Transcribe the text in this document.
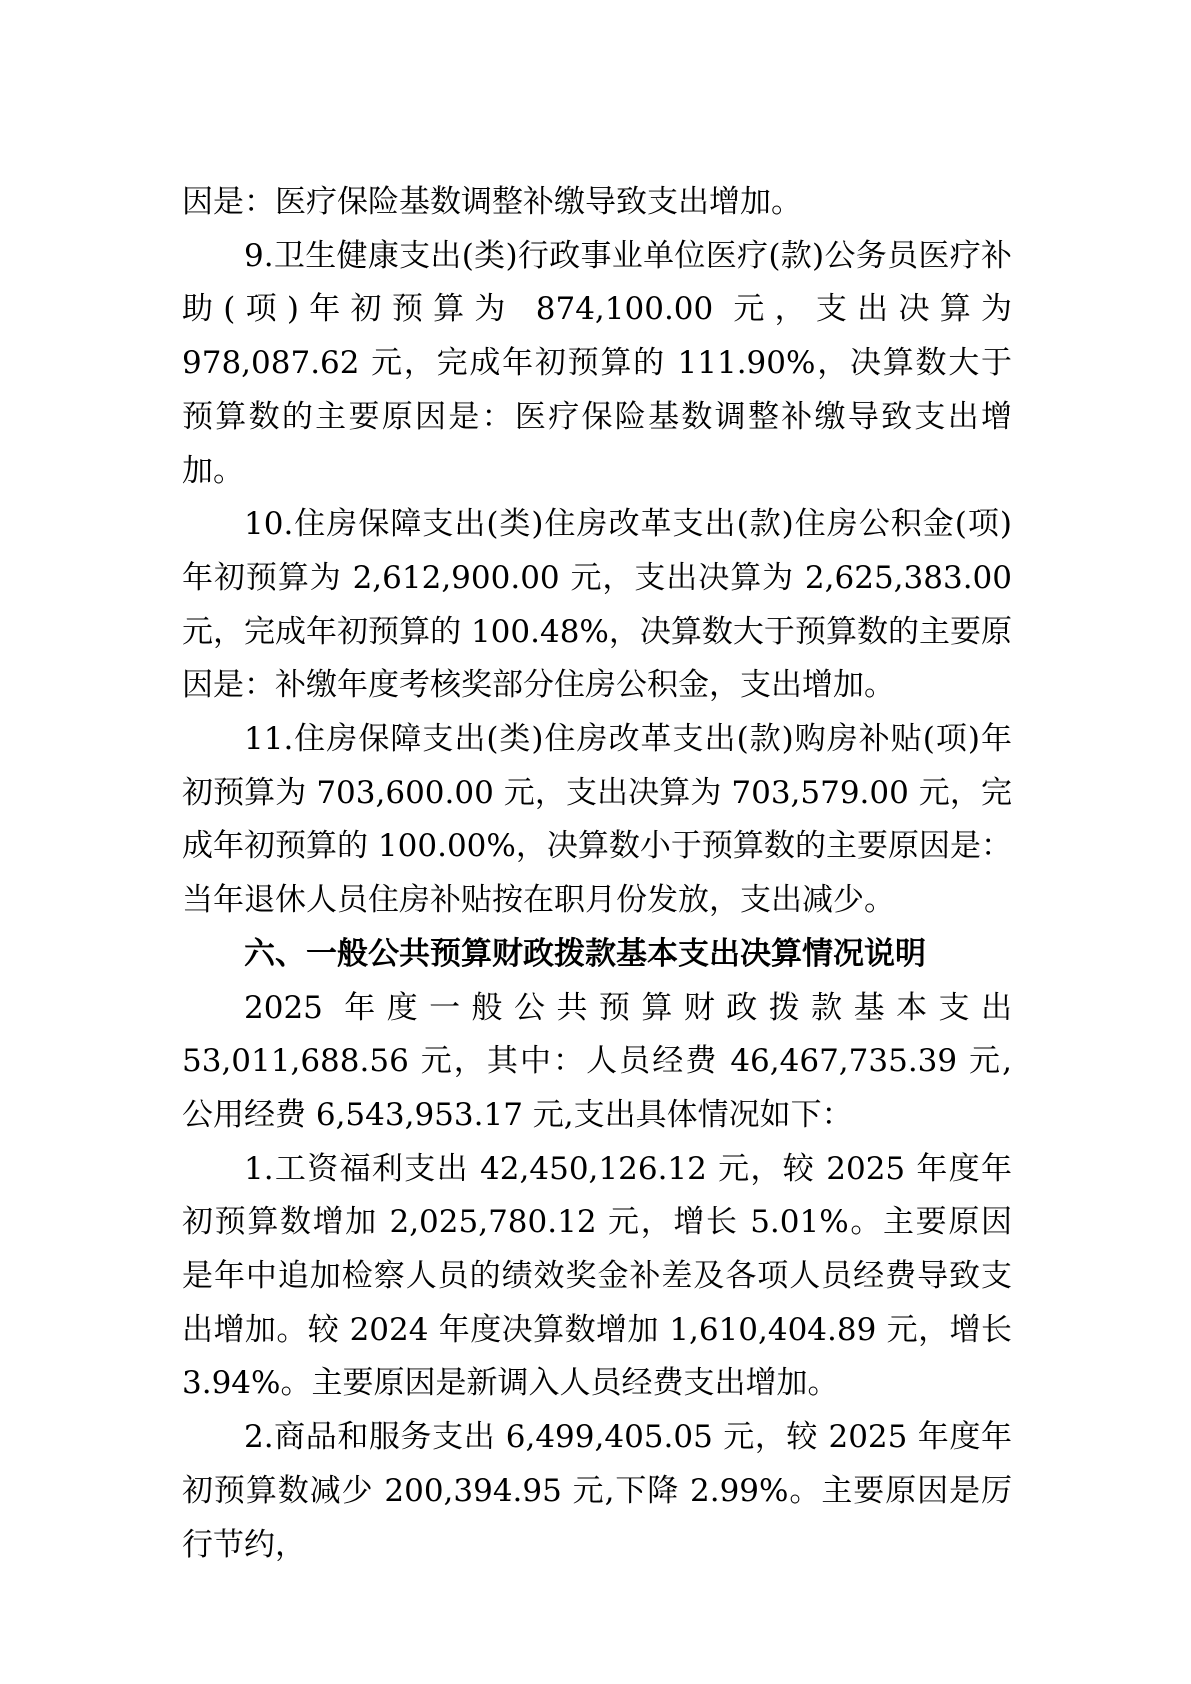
因是：医疗保险基数调整补缴导致支出增加。

9.卫生健康支出(类)行政事业单位医疗(款)公务员医疗补助(项)年初预算为 874,100.00 元，支出决算为 978,087.62 元，完成年初预算的 111.90%，决算数大于预算数的主要原因是：医疗保险基数调整补缴导致支出增加。

10.住房保障支出(类)住房改革支出(款)住房公积金(项)年初预算为 2,612,900.00 元，支出决算为 2,625,383.00 元，完成年初预算的 100.48%，决算数大于预算数的主要原因是：补缴年度考核奖部分住房公积金，支出增加。

11.住房保障支出(类)住房改革支出(款)购房补贴(项)年初预算为 703,600.00 元，支出决算为 703,579.00 元，完成年初预算的 100.00%，决算数小于预算数的主要原因是：当年退休人员住房补贴按在职月份发放，支出减少。

六、一般公共预算财政拨款基本支出决算情况说明

2025 年度一般公共预算财政拨款基本支出 53,011,688.56 元，其中：人员经费 46,467,735.39 元,公用经费 6,543,953.17 元,支出具体情况如下：

1.工资福利支出 42,450,126.12 元，较 2025 年度年初预算数增加 2,025,780.12 元，增长 5.01%。主要原因是年中追加检察人员的绩效奖金补差及各项人员经费导致支出增加。较 2024 年度决算数增加 1,610,404.89 元，增长 3.94%。主要原因是新调入人员经费支出增加。

2.商品和服务支出 6,499,405.05 元，较 2025 年度年初预算数减少 200,394.95 元,下降 2.99%。主要原因是厉行节约，
